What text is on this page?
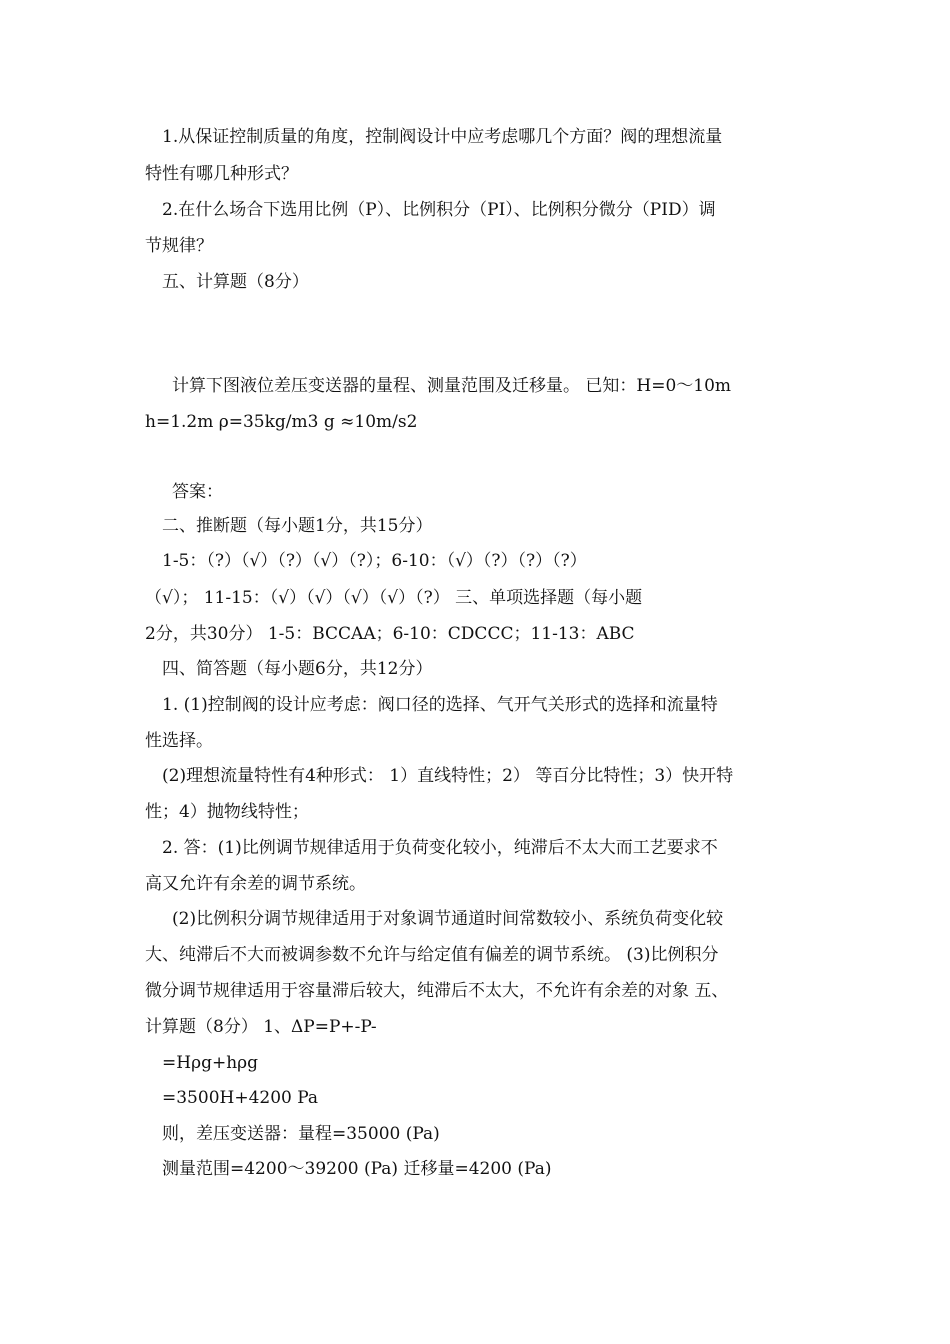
1.从保证控制质量的角度，控制阀设计中应考虑哪几个方面？阀的理想流量
特性有哪几种形式？
2.在什么场合下选用比例（P）、比例积分（PI）、比例积分微分（PID）调
节规律？
五、计算题（8分）
计算下图液位差压变送器的量程、测量范围及迁移量。 已知：H=0～10m
h=1.2m ρ=35kg/m3 g ≈10m/s2
答案：
二、推断题（每小题1分，共15分）
1-5：（?）（√）（?）（√）（?）；6-10：（√）（?）（?）（?）
（√）； 11-15：（√）（√）（√）（√）（?） 三、单项选择题（每小题
2分，共30分） 1-5：BCCAA；6-10：CDCCC；11-13：ABC
四、简答题（每小题6分，共12分）
1. (1)控制阀的设计应考虑：阀口径的选择、气开气关形式的选择和流量特
性选择。
(2)理想流量特性有4种形式： 1）直线特性；2） 等百分比特性；3）快开特
性；4）抛物线特性；
2. 答：(1)比例调节规律适用于负荷变化较小，纯滞后不太大而工艺要求不
高又允许有余差的调节系统。
(2)比例积分调节规律适用于对象调节通道时间常数较小、系统负荷变化较
大、纯滞后不大而被调参数不允许与给定值有偏差的调节系统。 (3)比例积分
微分调节规律适用于容量滞后较大，纯滞后不太大，不允许有余差的对象 五、
计算题（8分） 1、ΔP=P+-P-
=Hρg+hρg
=3500H+4200 Pa
则，差压变送器：量程=35000 (Pa)
测量范围=4200～39200 (Pa) 迁移量=4200 (Pa)
